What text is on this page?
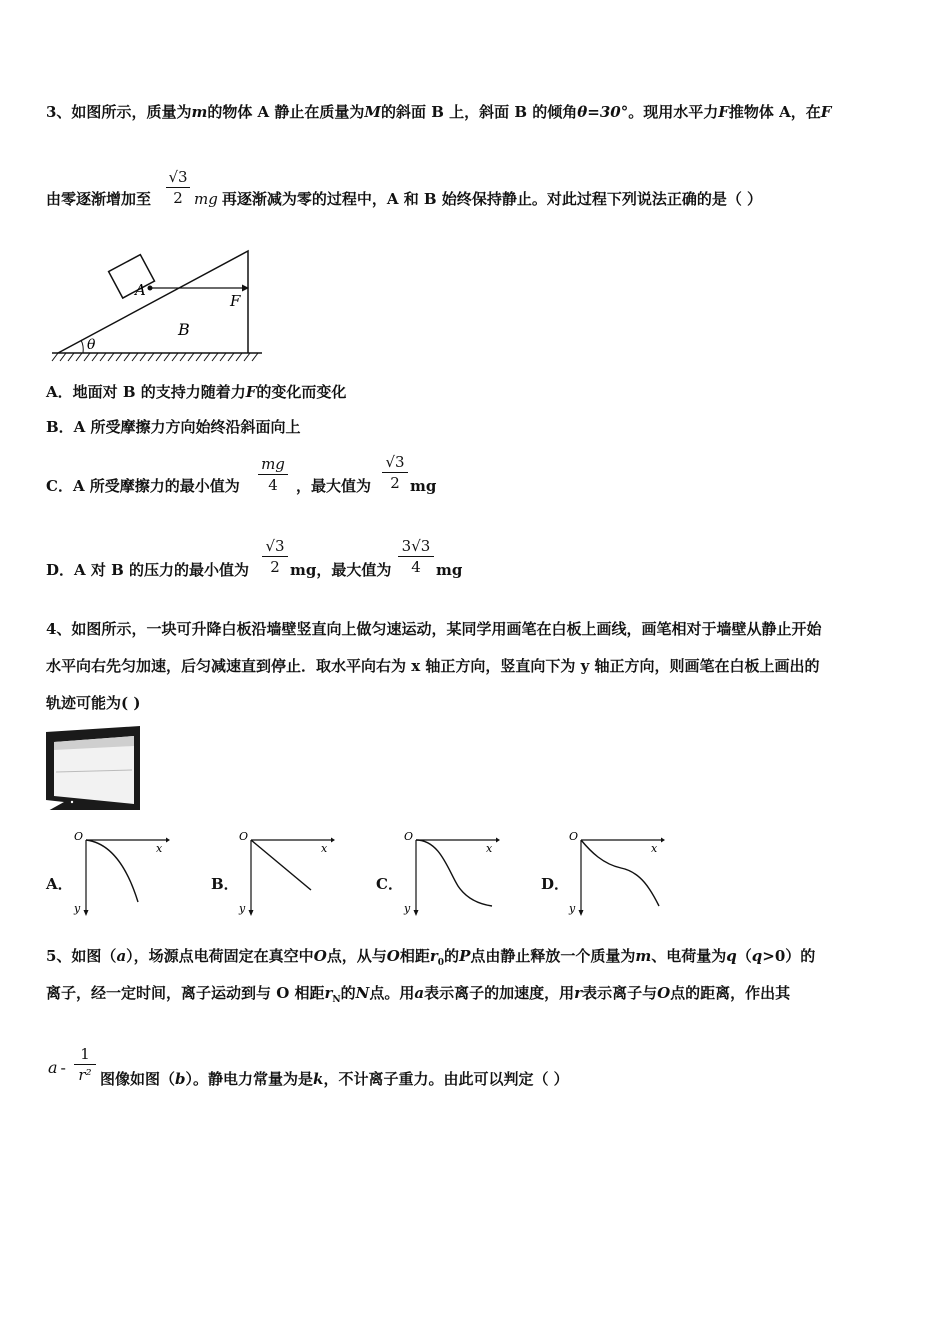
3、如图所示，质量为m的物体 A 静止在质量为M的斜面 B 上，斜面 B 的倾角θ=30°。现用水平力F推物体 A，在F
由零逐渐增加至
√3
2 mg 再逐渐减为零的过程中，A 和 B 始终保持静止。对此过程下列说法正确的是（ ）
A
F
B
θ
A．地面对 B 的支持力随着力F的变化而变化
B．A 所受摩擦力方向始终沿斜面向上
C．A 所受摩擦力的最小值为
mg
4	，最大值为
√3
2 mg
D．A 对 B 的压力的最小值为
√3
2 mg，最大值为
3√3
4	mg
4、如图所示，一块可升降白板沿墙壁竖直向上做匀速运动，某同学用画笔在白板上画线，画笔相对于墙壁从静止开始
水平向右先匀加速，后匀减速直到停止．取水平向右为 x 轴正方向，竖直向下为 y 轴正方向，则画笔在白板上画出的
轨迹可能为( )
A．	B．	C．	D．
O
x
y
O
x
y
O
x
y
O
x
y
5、如图（a），场源点电荷固定在真空中O点，从与O相距$r_0$的P点由静止释放一个质量为m、电荷量为q（q>0）的
离子，经一定时间，离子运动到与 O 相距$r_N$的N点。用a表示离子的加速度，用r表示离子与O点的距离，作出其
a -
1
r² 图像如图（b）。静电力常量为是k，不计离子重力。由此可以判定（ ）
